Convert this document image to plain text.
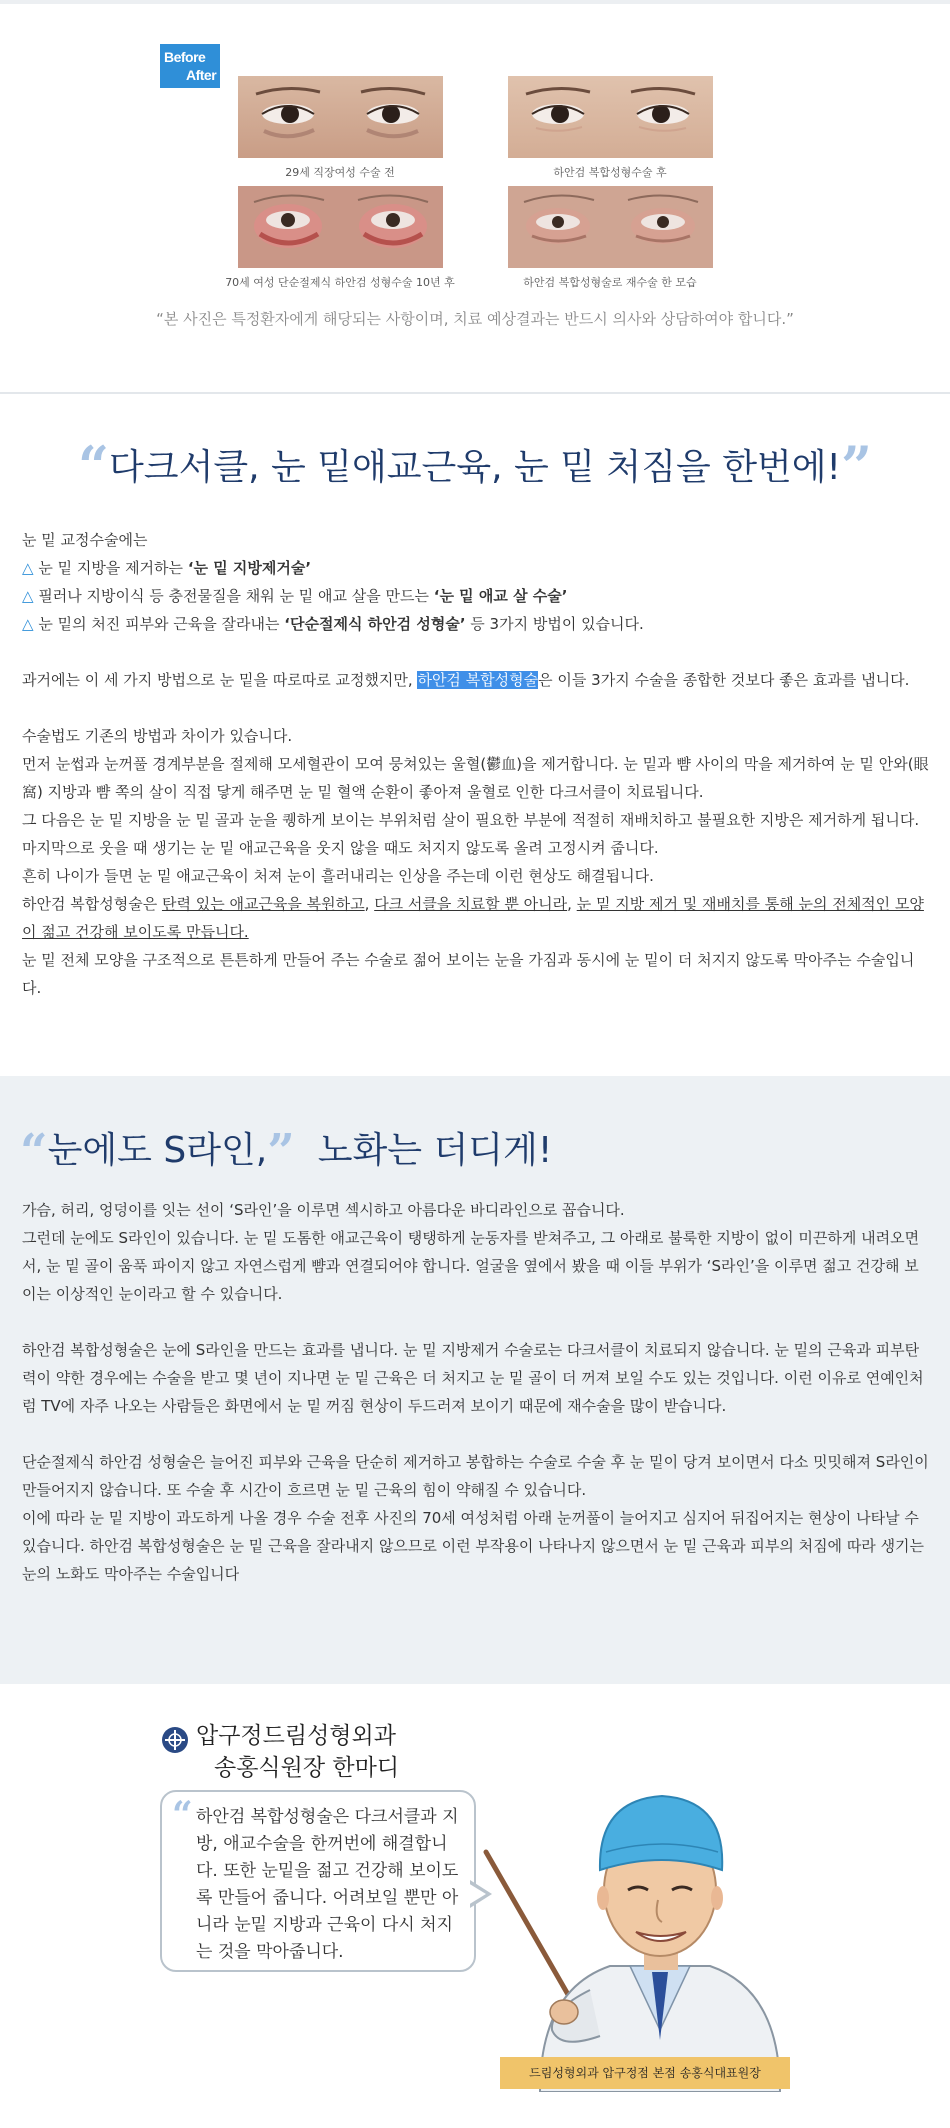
Before
After
29세 직장여성 수술 전	하안검 복합성형수술 후
70세 여성 단순절제식 하안검 성형수술 10년 후	하안검 복합성형술로 재수술 한 모습
“본 사진은 특정환자에게 해당되는 사항이며, 치료 예상결과는 반드시 의사와 상담하여야 합니다.”
“다크서클, 눈 밑애교근육, 눈 밑 처짐을 한번에!”

눈 밑 교정수술에는

△ 눈 밑 지방을 제거하는 ‘눈 밑 지방제거술’

△ 필러나 지방이식 등 충전물질을 채워 눈 밑 애교 살을 만드는 ‘눈 밑 애교 살 수술’

△ 눈 밑의 처진 피부와 근육을 잘라내는 ‘단순절제식 하안검 성형술’ 등 3가지 방법이 있습니다.

과거에는 이 세 가지 방법으로 눈 밑을 따로따로 교정했지만, 하안검 복합성형술은 이들 3가지 수술을 종합한 것보다 좋은 효과를 냅니다.

수술법도 기존의 방법과 차이가 있습니다.

먼저 눈썹과 눈꺼풀 경계부분을 절제해 모세혈관이 모여 뭉쳐있는 울혈(鬱血)을 제거합니다. 눈 밑과 뺨 사이의 막을 제거하여 눈 밑 안와(眼窩) 지방과 뺨 쪽의 살이 직접 닿게 해주면 눈 밑 혈액 순환이 좋아져 울혈로 인한 다크서클이 치료됩니다.

그 다음은 눈 밑 지방을 눈 밑 골과 눈을 퀭하게 보이는 부위처럼 살이 필요한 부분에 적절히 재배치하고 불필요한 지방은 제거하게 됩니다. 마지막으로 웃을 때 생기는 눈 밑 애교근육을 웃지 않을 때도 처지지 않도록 올려 고정시켜 줍니다.

흔히 나이가 들면 눈 밑 애교근육이 처져 눈이 흘러내리는 인상을 주는데 이런 현상도 해결됩니다.

하안검 복합성형술은 탄력 있는 애교근육을 복원하고, 다크 서클을 치료할 뿐 아니라, 눈 밑 지방 제거 및 재배치를 통해 눈의 전체적인 모양이 젊고 건강해 보이도록 만듭니다.

눈 밑 전체 모양을 구조적으로 튼튼하게 만들어 주는 수술로 젊어 보이는 눈을 가짐과 동시에 눈 밑이 더 처지지 않도록 막아주는 수술입니다.

“눈에도 S라인,” 노화는 더디게!

가슴, 허리, 엉덩이를 잇는 선이 ‘S라인’을 이루면 섹시하고 아름다운 바디라인으로 꼽습니다.

그런데 눈에도 S라인이 있습니다. 눈 밑 도톰한 애교근육이 탱탱하게 눈동자를 받쳐주고, 그 아래로 불룩한 지방이 없이 미끈하게 내려오면서, 눈 밑 골이 움푹 파이지 않고 자연스럽게 뺨과 연결되어야 합니다. 얼굴을 옆에서 봤을 때 이들 부위가 ‘S라인’을 이루면 젊고 건강해 보이는 이상적인 눈이라고 할 수 있습니다.

하안검 복합성형술은 눈에 S라인을 만드는 효과를 냅니다. 눈 밑 지방제거 수술로는 다크서클이 치료되지 않습니다. 눈 밑의 근육과 피부탄력이 약한 경우에는 수술을 받고 몇 년이 지나면 눈 밑 근육은 더 처지고 눈 밑 골이 더 꺼져 보일 수도 있는 것입니다. 이런 이유로 연예인처럼 TV에 자주 나오는 사람들은 화면에서 눈 밑 꺼짐 현상이 두드러져 보이기 때문에 재수술을 많이 받습니다.

단순절제식 하안검 성형술은 늘어진 피부와 근육을 단순히 제거하고 봉합하는 수술로 수술 후 눈 밑이 당겨 보이면서 다소 밋밋해져 S라인이 만들어지지 않습니다. 또 수술 후 시간이 흐르면 눈 밑 근육의 힘이 약해질 수 있습니다.

이에 따라 눈 밑 지방이 과도하게 나올 경우 수술 전후 사진의 70세 여성처럼 아래 눈꺼풀이 늘어지고 심지어 뒤집어지는 현상이 나타날 수 있습니다. 하안검 복합성형술은 눈 밑 근육을 잘라내지 않으므로 이런 부작용이 나타나지 않으면서 눈 밑 근육과 피부의 처짐에 따라 생기는 눈의 노화도 막아주는 수술입니다

압구정드림성형외과
송홍식원장 한마디
“ 하안검 복합성형술은 다크서클과 지방, 애교수술을 한꺼번에 해결합니다. 또한 눈밑을 젊고 건강해 보이도록 만들어 줍니다. 어려보일 뿐만 아니라 눈밑 지방과 근육이 다시 처지는 것을 막아줍니다.
드림성형외과 압구정점 본점 송홍식대표원장
